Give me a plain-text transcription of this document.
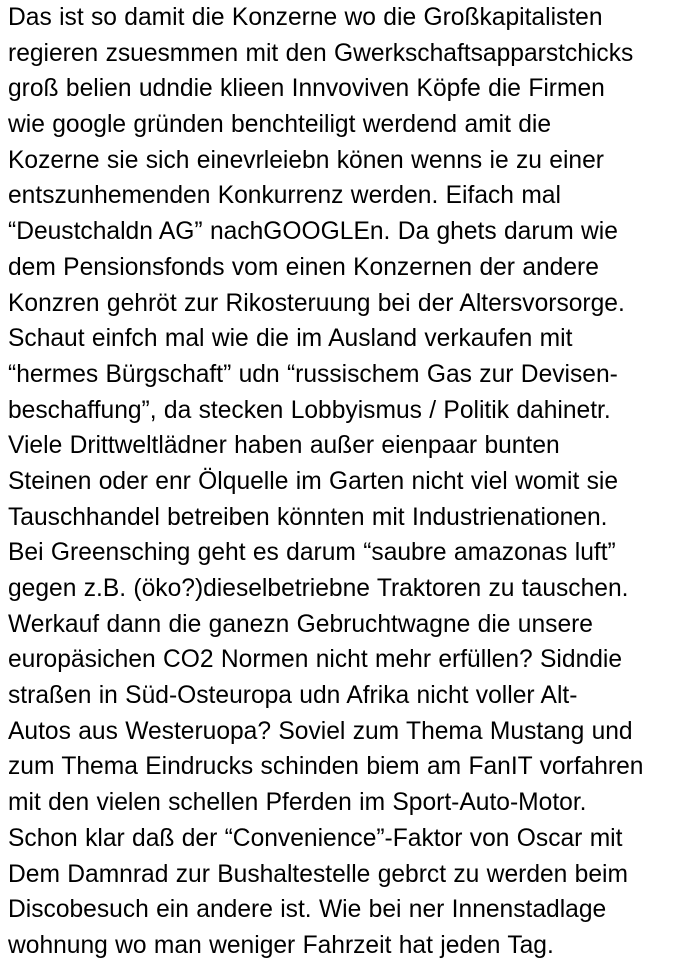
Das ist so damit die Konzerne wo die Großkapitalisten
regieren zsuesmmen mit den Gwerkschaftsapparstchicks
groß belien udndie klieen Innvoviven Köpfe die Firmen
wie google gründen benchteiligt werdend amit die
Kozerne sie sich einevrleiebn könen wenns ie zu einer
entszunhemenden Konkurrenz werden. Eifach mal
“Deustchaldn AG” nachGOOGLEn. Da ghets darum wie
dem Pensionsfonds vom einen Konzernen der andere
Konzren gehröt zur Rikosteruung bei der Altersvorsorge.
Schaut einfch mal wie die im Ausland verkaufen mit
“hermes Bürgschaft” udn “russischem Gas zur Devisen-
beschaffung”, da stecken Lobbyismus / Politik dahinetr.
Viele Drittweltlädner haben außer eienpaar bunten
Steinen oder enr Ölquelle im Garten nicht viel womit sie
Tauschhandel betreiben könnten mit Industrienationen.
Bei Greensching geht es darum “saubre amazonas luft”
gegen z.B. (öko?)dieselbetriebne Traktoren zu tauschen.
Werkauf dann die ganezn Gebruchtwagne die unsere
europäsichen CO2 Normen nicht mehr erfüllen? Sidndie
straßen in Süd-Osteuropa udn Afrika nicht voller Alt-
Autos aus Westeruopa? Soviel zum Thema Mustang und
zum Thema Eindrucks schinden biem am FanIT vorfahren
mit den vielen schellen Pferden im Sport-Auto-Motor.
Schon klar daß der “Convenience”-Faktor von Oscar mit
Dem Damnrad zur Bushaltestelle gebrct zu werden beim
Discobesuch ein andere ist. Wie bei ner Innenstadlage
wohnung wo man weniger Fahrzeit hat jeden Tag.
